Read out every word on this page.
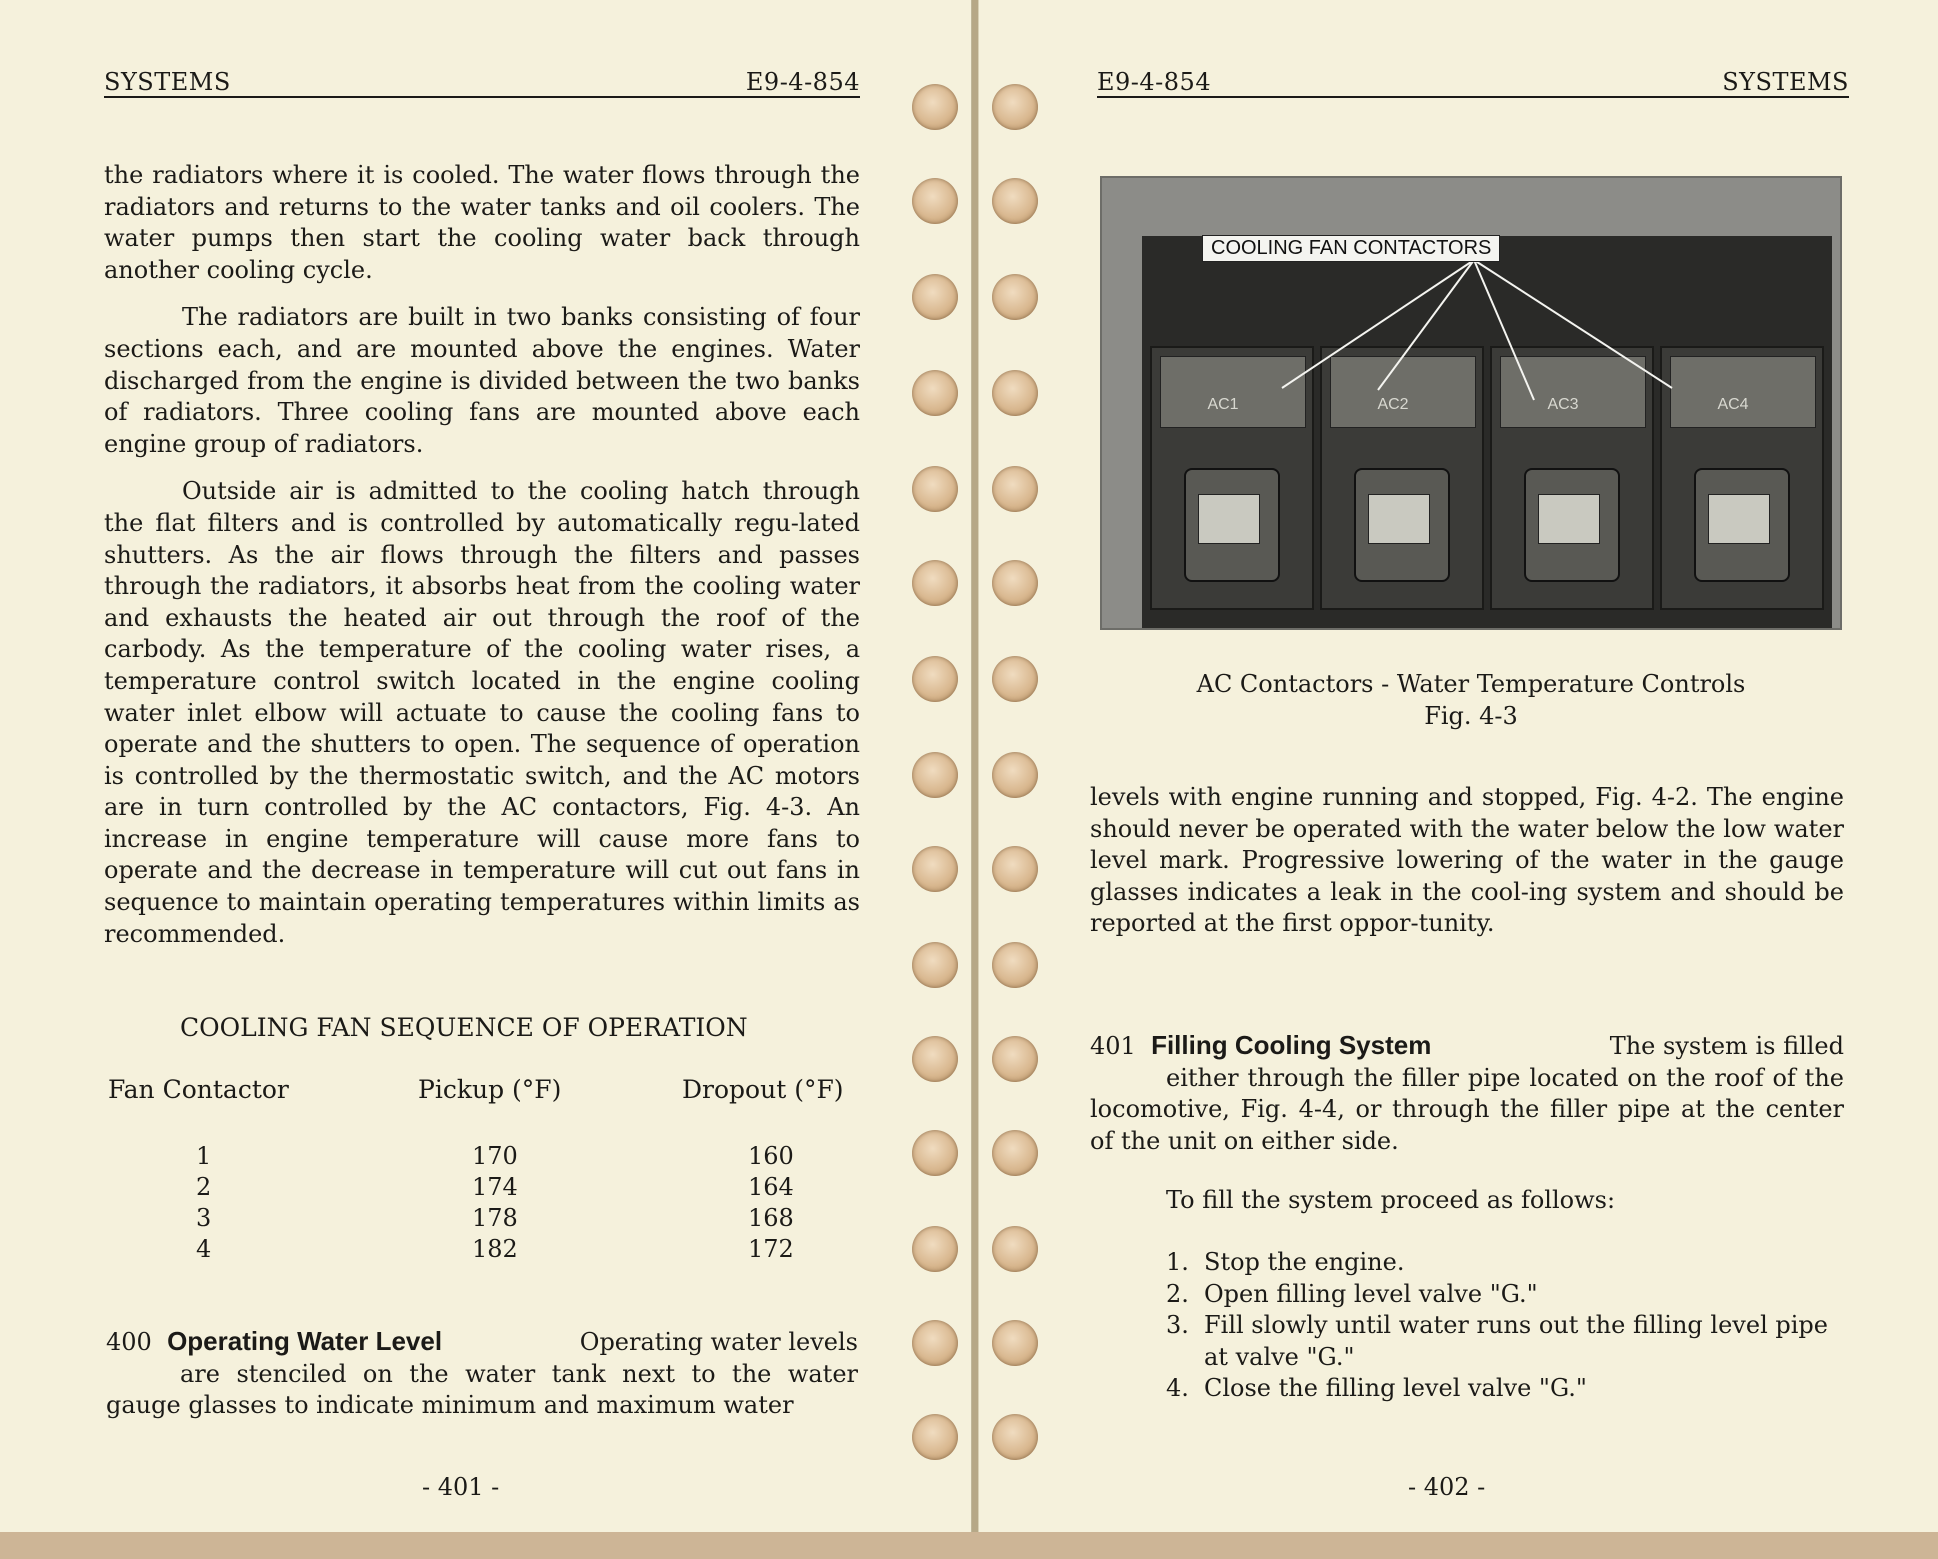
SYSTEMS	E9-4-854

the radiators where it is cooled. The water flows through the radiators and returns to the water tanks and oil coolers. The water pumps then start the cooling water back through another cooling cycle.

The radiators are built in two banks consisting of four sections each, and are mounted above the engines. Water discharged from the engine is divided between the two banks of radiators. Three cooling fans are mounted above each engine group of radiators.

Outside air is admitted to the cooling hatch through the flat filters and is controlled by automatically regu-lated shutters. As the air flows through the filters and passes through the radiators, it absorbs heat from the cooling water and exhausts the heated air out through the roof of the carbody. As the temperature of the cooling water rises, a temperature control switch located in the engine cooling water inlet elbow will actuate to cause the cooling fans to operate and the shutters to open. The sequence of operation is controlled by the thermostatic switch, and the AC motors are in turn controlled by the AC contactors, Fig. 4-3. An increase in engine temperature will cause more fans to operate and the decrease in temperature will cut out fans in sequence to maintain operating temperatures within limits as recommended.

COOLING FAN SEQUENCE OF OPERATION
Fan Contactor	Pickup (°F)	Dropout (°F)
1	170	160
2	174	164
3	178	168
4	182	172
400 Operating Water Level	Operating water levels

are stenciled on the water tank next to the water gauge glasses to indicate minimum and maximum water

- 401 -
E9-4-854	SYSTEMS
AC1	AC2	AC3	AC4
COOLING FAN CONTACTORS
AC Contactors - Water Temperature Controls
Fig. 4-3

levels with engine running and stopped, Fig. 4-2. The engine should never be operated with the water below the low water level mark. Progressive lowering of the water in the gauge glasses indicates a leak in the cool-ing system and should be reported at the first oppor-tunity.

401 Filling Cooling System	The system is filled

either through the filler pipe located on the roof of the locomotive, Fig. 4-4, or through the filler pipe at the center of the unit on either side.

To fill the system proceed as follows:
1. Stop the engine.
2. Open filling level valve "G."
3. Fill slowly until water runs out the filling level pipe at valve "G."
4. Close the filling level valve "G."
- 402 -
